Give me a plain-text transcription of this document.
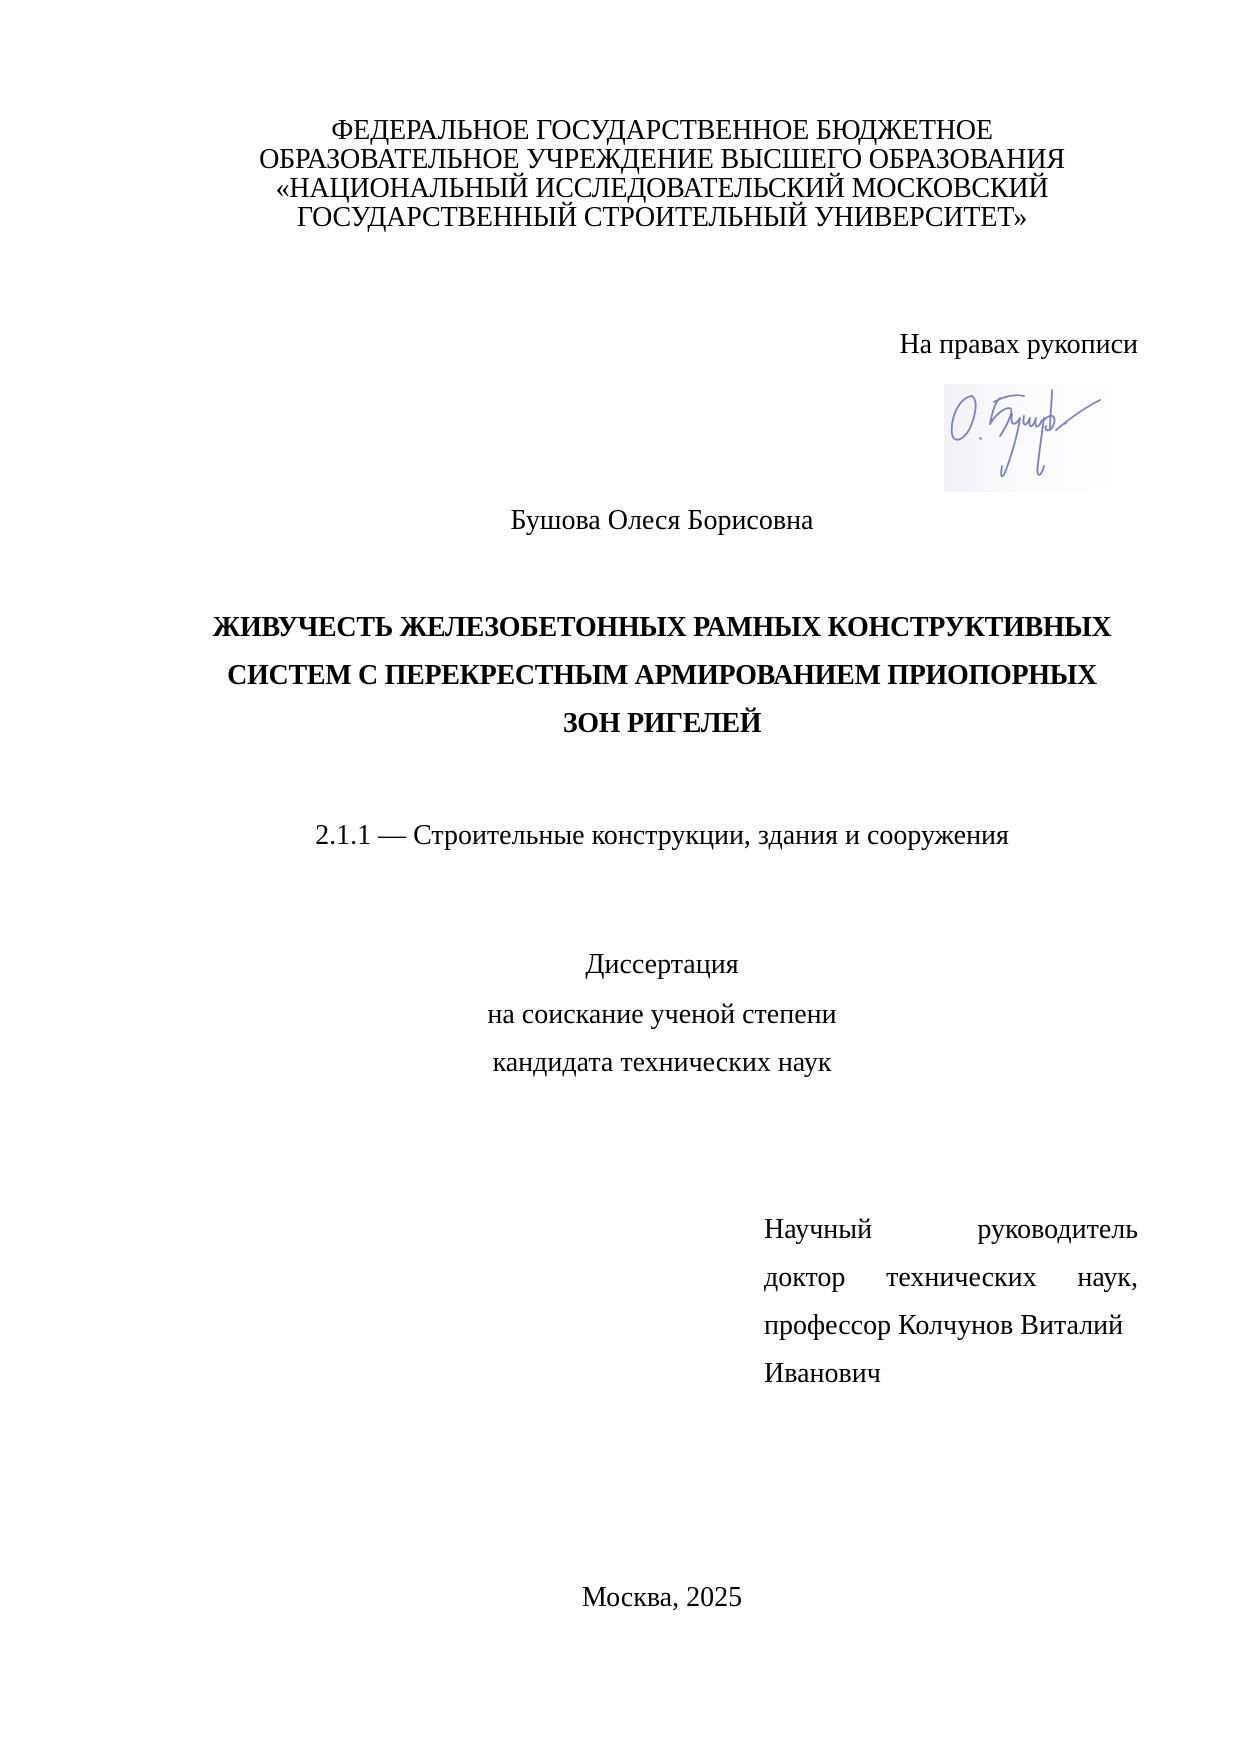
ФЕДЕРАЛЬНОЕ ГОСУДАРСТВЕННОЕ БЮДЖЕТНОЕ
ОБРАЗОВАТЕЛЬНОЕ УЧРЕЖДЕНИЕ ВЫСШЕГО ОБРАЗОВАНИЯ
«НАЦИОНАЛЬНЫЙ ИССЛЕДОВАТЕЛЬСКИЙ МОСКОВСКИЙ
ГОСУДАРСТВЕННЫЙ СТРОИТЕЛЬНЫЙ УНИВЕРСИТЕТ»
На правах рукописи
Бушова Олеся Борисовна
ЖИВУЧЕСТЬ ЖЕЛЕЗОБЕТОННЫХ РАМНЫХ КОНСТРУКТИВНЫХ
СИСТЕМ С ПЕРЕКРЕСТНЫМ АРМИРОВАНИЕМ ПРИОПОРНЫХ
ЗОН РИГЕЛЕЙ
2.1.1 — Строительные конструкции, здания и сооружения
Диссертация
на соискание ученой степени
кандидата технических наук
Москва, 2025
Научный	руководитель
доктор технических наук,
профессор Колчунов Виталий
Иванович
